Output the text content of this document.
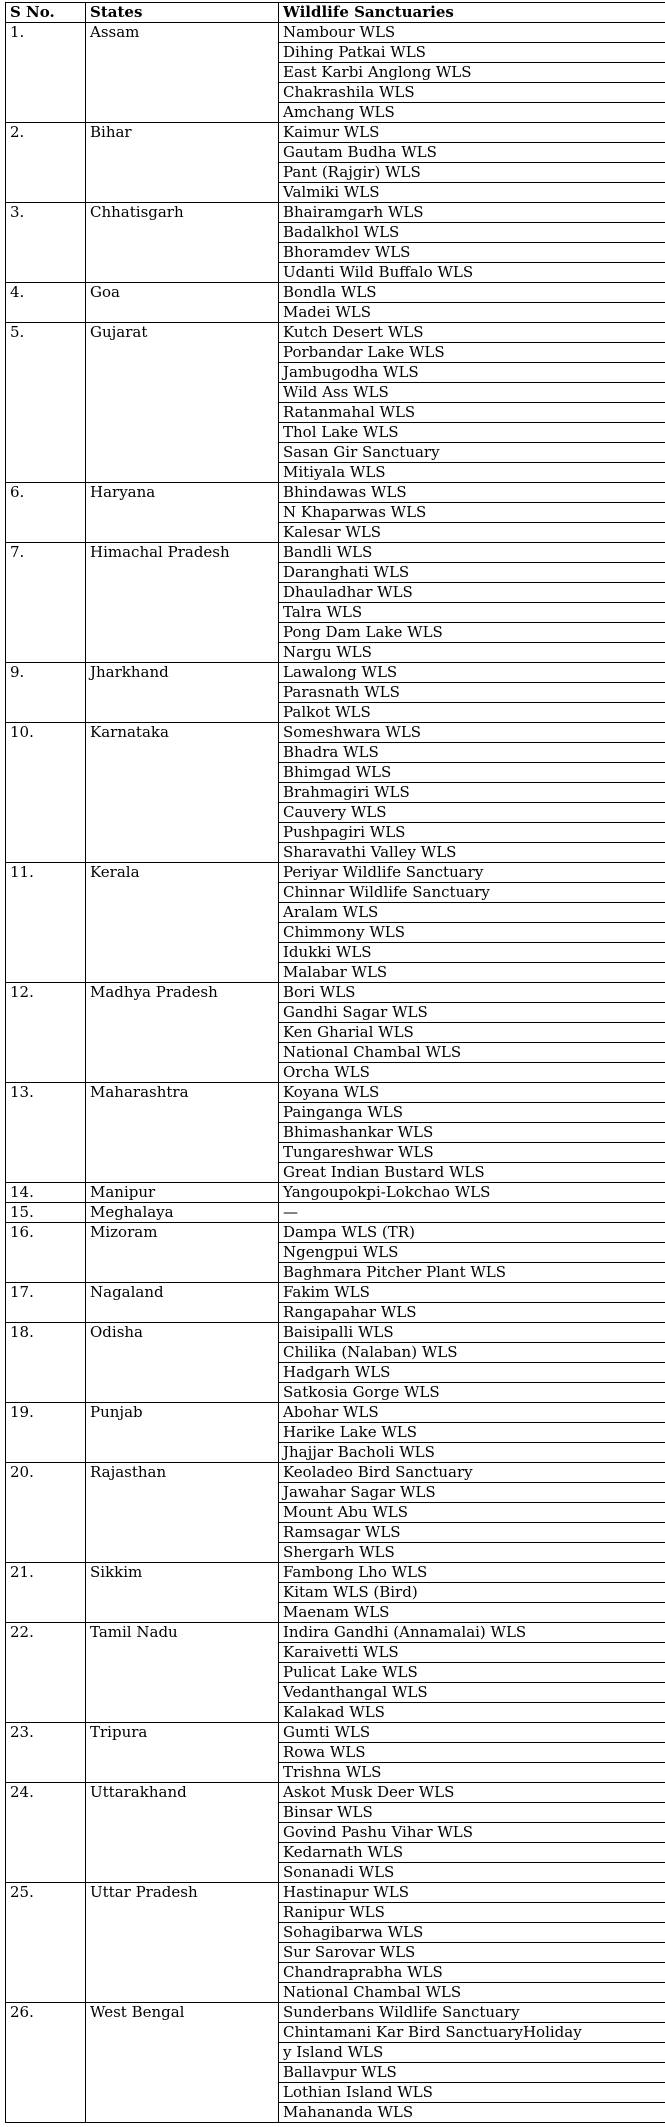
S No.	States	Wildlife Sanctuaries
1.	Assam	Nambour WLS
		Dihing Patkai WLS
		East Karbi Anglong WLS
		Chakrashila WLS
		Amchang WLS
2.	Bihar	Kaimur WLS
		Gautam Budha WLS
		Pant (Rajgir) WLS
		Valmiki WLS
3.	Chhatisgarh	Bhairamgarh WLS
		Badalkhol WLS
		Bhoramdev WLS
		Udanti Wild Buffalo WLS
4.	Goa	Bondla WLS
		Madei WLS
5.	Gujarat	Kutch Desert WLS
		Porbandar Lake WLS
		Jambugodha WLS
		Wild Ass WLS
		Ratanmahal WLS
		Thol Lake WLS
		Sasan Gir Sanctuary
		Mitiyala WLS
6.	Haryana	Bhindawas WLS
		N Khaparwas WLS
		Kalesar WLS
7.	Himachal Pradesh	Bandli WLS
		Daranghati WLS
		Dhauladhar WLS
		Talra WLS
		Pong Dam Lake WLS
		Nargu WLS
9.	Jharkhand	Lawalong WLS
		Parasnath WLS
		Palkot WLS
10.	Karnataka	Someshwara WLS
		Bhadra WLS
		Bhimgad WLS
		Brahmagiri WLS
		Cauvery WLS
		Pushpagiri WLS
		Sharavathi Valley WLS
11.	Kerala	Periyar Wildlife Sanctuary
		Chinnar Wildlife Sanctuary
		Aralam WLS
		Chimmony WLS
		Idukki WLS
		Malabar WLS
12.	Madhya Pradesh	Bori WLS
		Gandhi Sagar WLS
		Ken Gharial WLS
		National Chambal WLS
		Orcha WLS
13.	Maharashtra	Koyana WLS
		Painganga WLS
		Bhimashankar WLS
		Tungareshwar WLS
		Great Indian Bustard WLS
14.	Manipur	Yangoupokpi-Lokchao WLS
15.	Meghalaya	—
16.	Mizoram	Dampa WLS (TR)
		Ngengpui WLS
		Baghmara Pitcher Plant WLS
17.	Nagaland	Fakim WLS
		Rangapahar WLS
18.	Odisha	Baisipalli WLS
		Chilika (Nalaban) WLS
		Hadgarh WLS
		Satkosia Gorge WLS
19.	Punjab	Abohar WLS
		Harike Lake WLS
		Jhajjar Bacholi WLS
20.	Rajasthan	Keoladeo Bird Sanctuary
		Jawahar Sagar WLS
		Mount Abu WLS
		Ramsagar WLS
		Shergarh WLS
21.	Sikkim	Fambong Lho WLS
		Kitam WLS (Bird)
		Maenam WLS
22.	Tamil Nadu	Indira Gandhi (Annamalai) WLS
		Karaivetti WLS
		Pulicat Lake WLS
		Vedanthangal WLS
		Kalakad WLS
23.	Tripura	Gumti WLS
		Rowa WLS
		Trishna WLS
24.	Uttarakhand	Askot Musk Deer WLS
		Binsar WLS
		Govind Pashu Vihar WLS
		Kedarnath WLS
		Sonanadi WLS
25.	Uttar Pradesh	Hastinapur WLS
		Ranipur WLS
		Sohagibarwa WLS
		Sur Sarovar WLS
		Chandraprabha WLS
		National Chambal WLS
26.	West Bengal	Sunderbans Wildlife Sanctuary
		Chintamani Kar Bird SanctuaryHoliday
		y Island WLS
		Ballavpur WLS
		Lothian Island WLS
		Mahananda WLS
